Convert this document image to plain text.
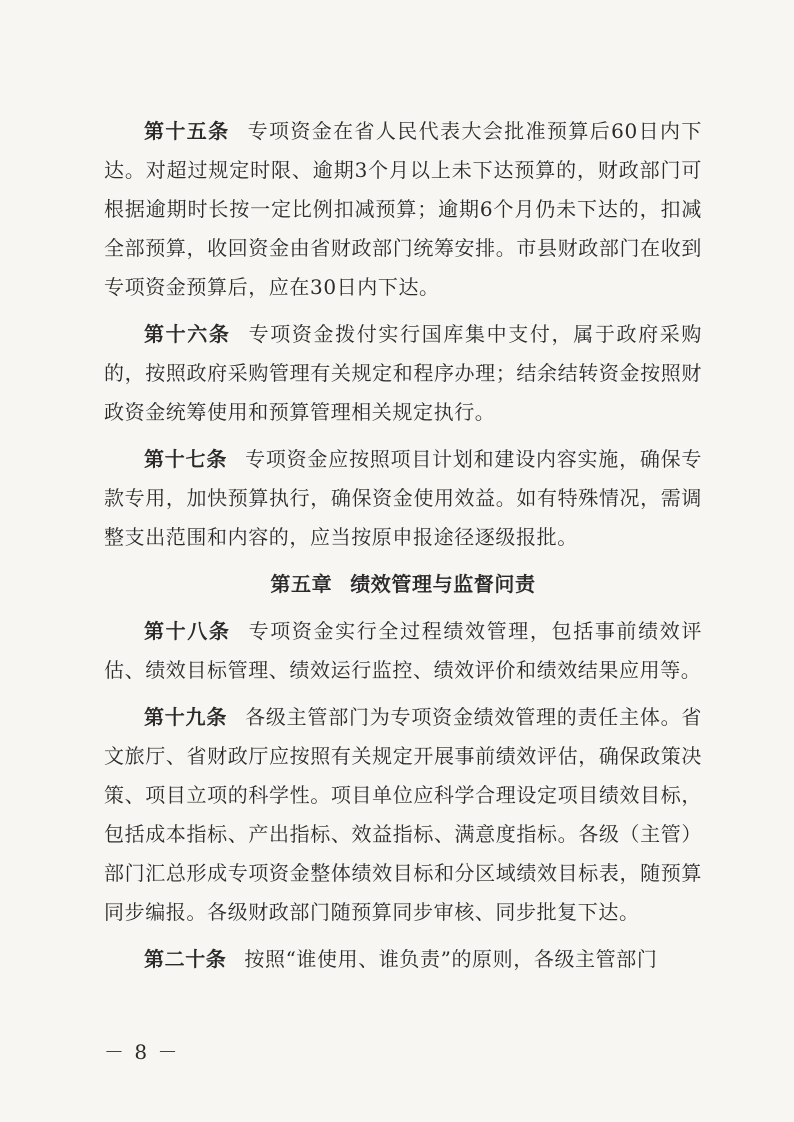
第十五条 专项资金在省人民代表大会批准预算后60日内下达。对超过规定时限、逾期3个月以上未下达预算的，财政部门可根据逾期时长按一定比例扣减预算；逾期6个月仍未下达的，扣减全部预算，收回资金由省财政部门统筹安排。市县财政部门在收到专项资金预算后，应在30日内下达。

第十六条 专项资金拨付实行国库集中支付，属于政府采购的，按照政府采购管理有关规定和程序办理；结余结转资金按照财政资金统筹使用和预算管理相关规定执行。

第十七条 专项资金应按照项目计划和建设内容实施，确保专款专用，加快预算执行，确保资金使用效益。如有特殊情况，需调整支出范围和内容的，应当按原申报途径逐级报批。

第五章 绩效管理与监督问责

第十八条 专项资金实行全过程绩效管理，包括事前绩效评估、绩效目标管理、绩效运行监控、绩效评价和绩效结果应用等。

第十九条 各级主管部门为专项资金绩效管理的责任主体。省文旅厅、省财政厅应按照有关规定开展事前绩效评估，确保政策决策、项目立项的科学性。项目单位应科学合理设定项目绩效目标，包括成本指标、产出指标、效益指标、满意度指标。各级（主管）部门汇总形成专项资金整体绩效目标和分区域绩效目标表，随预算同步编报。各级财政部门随预算同步审核、同步批复下达。

第二十条 按照“谁使用、谁负责”的原则，各级主管部门

－ 8 －
